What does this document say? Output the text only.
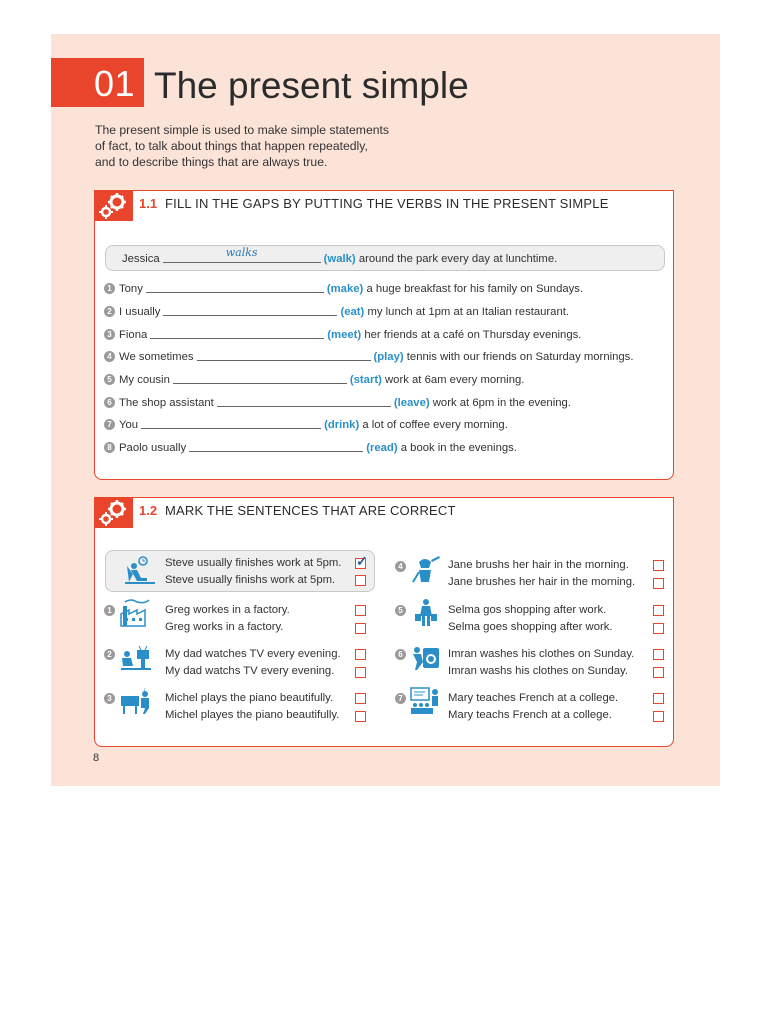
01 The present simple

The present simple is used to make simple statements

of fact, to talk about things that happen repeatedly,

and to describe things that are always true.

1.1 FILL IN THE GAPS BY PUTTING THE VERBS IN THE PRESENT SIMPLE
Jessica	walks	(walk) around the park every day at lunchtime.
1 Tony	(make) a huge breakfast for his family on Sundays.
2 I usually	(eat) my lunch at 1pm at an Italian restaurant.
3 Fiona	(meet) her friends at a café on Thursday evenings.
4 We sometimes	(play) tennis with our friends on Saturday mornings.
5 My cousin	(start) work at 6am every morning.
6 The shop assistant	(leave) work at 6pm in the evening.
7 You	(drink) a lot of coffee every morning.
8 Paolo usually	(read) a book in the evenings.
1.2 MARK THE SENTENCES THAT ARE CORRECT
Steve usually finishes work at 5pm.
Steve usually finishs work at 5pm.
✓
1	Greg workes in a factory.
Greg works in a factory.
2	My dad watches TV every evening.
My dad watchs TV every evening.
3
♪
Michel plays the piano beautifully.
Michel playes the piano beautifully.
4	Jane brushs her hair in the morning.
Jane brushes her hair in the morning.
5	Selma gos shopping after work.
Selma goes shopping after work.
6	Imran washes his clothes on Sunday.
Imran washs his clothes on Sunday.
7	Mary teaches French at a college.
Mary teachs French at a college.
8
